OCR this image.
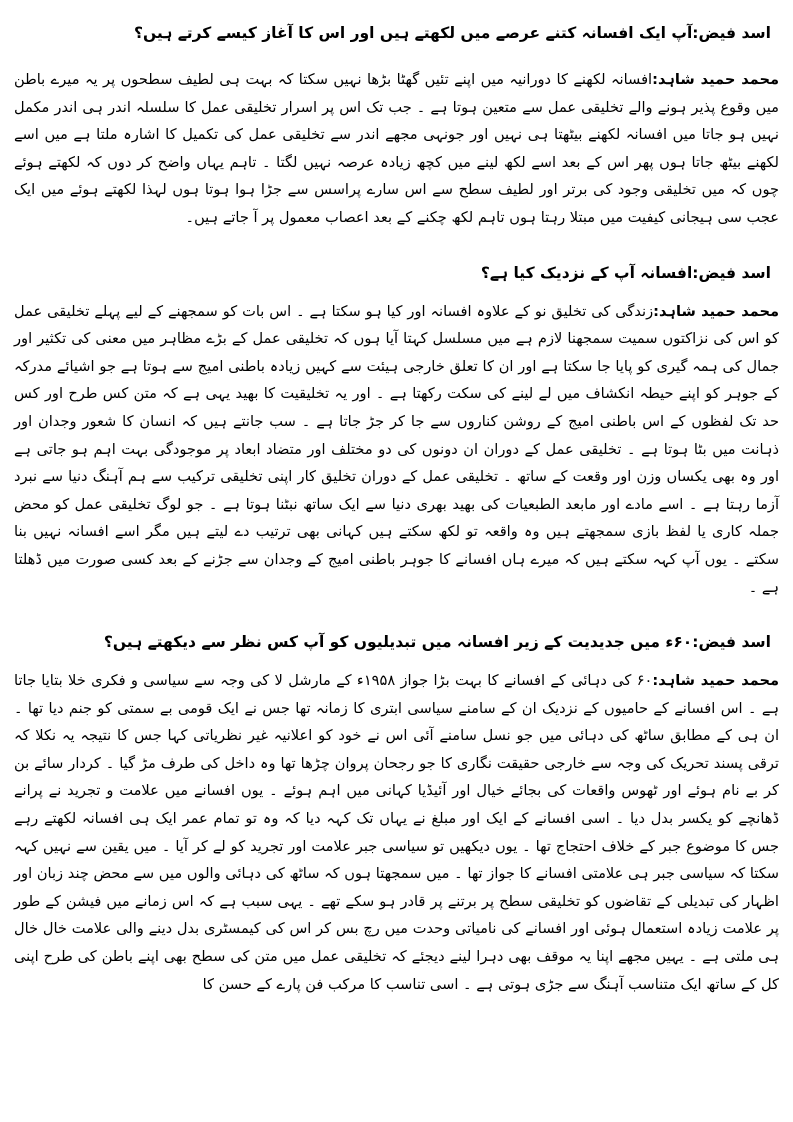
اسد فیض:آپ ایک افسانہ کتنے عرصے میں لکھتے ہیں اور اس کا آغاز کیسے کرتے ہیں؟

محمد حمید شاہد:افسانہ لکھنے کا دورانیہ میں اپنے تئیں گھٹا بڑھا نہیں سکتا کہ بہت ہی لطیف سطحوں پر یہ میرے باطن میں وقوع پذیر ہونے والے تخلیقی عمل سے متعین ہوتا ہے ۔ جب تک اس پر اسرار تخلیقی عمل کا سلسلہ اندر ہی اندر مکمل نہیں ہو جاتا میں افسانہ لکھنے بیٹھتا ہی نہیں اور جونہی مجھے اندر سے تخلیقی عمل کی تکمیل کا اشارہ ملتا ہے میں اسے لکھنے بیٹھ جاتا ہوں پھر اس کے بعد اسے لکھ لینے میں کچھ زیادہ عرصہ نہیں لگتا ۔ تاہم یہاں واضح کر دوں کہ لکھتے ہوئے چوں کہ میں تخلیقی وجود کی برتر اور لطیف سطح سے اس سارے پراسس سے جڑا ہوا ہوتا ہوں لہذا لکھتے ہوئے میں ایک عجب سی ہیجانی کیفیت میں مبتلا رہتا ہوں تاہم لکھ چکنے کے بعد اعصاب معمول پر آ جاتے ہیں۔

اسد فیض:افسانہ آپ کے نزدیک کیا ہے؟

محمد حمید شاہد:زندگی کی تخلیق نو کے علاوہ افسانہ اور کیا ہو سکتا ہے ۔ اس بات کو سمجھنے کے لیے پہلے تخلیقی عمل کو اس کی نزاکتوں سمیت سمجھنا لازم ہے میں مسلسل کہتا آیا ہوں کہ تخلیقی عمل کے بڑے مظاہر میں معنی کی تکثیر اور جمال کی ہمہ گیری کو پایا جا سکتا ہے اور ان کا تعلق خارجی ہیئت سے کہیں زیادہ باطنی امیج سے ہوتا ہے جو اشیائے مدرکہ کے جوہر کو اپنے حیطہ انکشاف میں لے لینے کی سکت رکھتا ہے ۔ اور یہ تخلیقیت کا بھید یہی ہے کہ متن کس طرح اور کس حد تک لفظوں کے اس باطنی امیج کے روشن کناروں سے جا کر جڑ جاتا ہے ۔ سب جانتے ہیں کہ انسان کا شعور وجدان اور ذہانت میں بٹا ہوتا ہے ۔ تخلیقی عمل کے دوران ان دونوں کی دو مختلف اور متضاد ابعاد پر موجودگی بہت اہم ہو جاتی ہے اور وہ بھی یکساں وزن اور وقعت کے ساتھ ۔ تخلیقی عمل کے دوران تخلیق کار اپنی تخلیقی ترکیب سے ہم آہنگ دنیا سے نبرد آزما رہتا ہے ۔ اسے مادے اور مابعد الطبعیات کی بھید بھری دنیا سے ایک ساتھ نبٹنا ہوتا ہے ۔ جو لوگ تخلیقی عمل کو محض جملہ کاری یا لفظ بازی سمجھتے ہیں وہ واقعہ تو لکھ سکتے ہیں کہانی بھی ترتیب دے لیتے ہیں مگر اسے افسانہ نہیں بنا سکتے ۔ یوں آپ کہہ سکتے ہیں کہ میرے ہاں افسانے کا جوہر باطنی امیج کے وجدان سے جڑنے کے بعد کسی صورت میں ڈھلتا ہے ۔

اسد فیض:۶۰ء میں جدیدیت کے زیر افسانہ میں تبدیلیوں کو آپ کس نظر سے دیکھتے ہیں؟

محمد حمید شاہد:۶۰ کی دہائی کے افسانے کا بہت بڑا جواز ۱۹۵۸ء کے مارشل لا کی وجہ سے سیاسی و فکری خلا بتایا جاتا ہے ۔ اس افسانے کے حامیوں کے نزدیک ان کے سامنے سیاسی ابتری کا زمانہ تھا جس نے ایک قومی بے سمتی کو جنم دیا تھا ۔ ان ہی کے مطابق ساٹھ کی دہائی میں جو نسل سامنے آئی اس نے خود کو اعلانیہ غیر نظریاتی کہا جس کا نتیجہ یہ نکلا کہ ترقی پسند تحریک کی وجہ سے خارجی حقیقت نگاری کا جو رجحان پروان چڑھا تھا وہ داخل کی طرف مڑ گیا ۔ کردار سائے بن کر بے نام ہوئے اور ٹھوس واقعات کی بجائے خیال اور آئیڈیا کہانی میں اہم ہوئے ۔ یوں افسانے میں علامت و تجرید نے پرانے ڈھانچے کو یکسر بدل دیا ۔ اسی افسانے کے ایک اور مبلغ نے یہاں تک کہہ دیا کہ وہ تو تمام عمر ایک ہی افسانہ لکھتے رہے جس کا موضوع جبر کے خلاف احتجاج تھا ۔ یوں دیکھیں تو سیاسی جبر علامت اور تجرید کو لے کر آیا ۔ میں یقین سے نہیں کہہ سکتا کہ سیاسی جبر ہی علامتی افسانے کا جواز تھا ۔ میں سمجھتا ہوں کہ ساٹھ کی دہائی والوں میں سے محض چند زبان اور اظہار کی تبدیلی کے تقاضوں کو تخلیقی سطح پر برتنے پر قادر ہو سکے تھے ۔ یہی سبب ہے کہ اس زمانے میں فیشن کے طور پر علامت زیادہ استعمال ہوئی اور افسانے کی نامیاتی وحدت میں رچ بس کر اس کی کیمسٹری بدل دینے والی علامت خال خال ہی ملتی ہے ۔ یہیں مجھے اپنا یہ موقف بھی دہرا لینے دیجئے کہ تخلیقی عمل میں متن کی سطح بھی اپنے باطن کی طرح اپنی کل کے ساتھ ایک متناسب آہنگ سے جڑی ہوتی ہے ۔ اسی تناسب کا مرکب فن پارے کے حسن کا
